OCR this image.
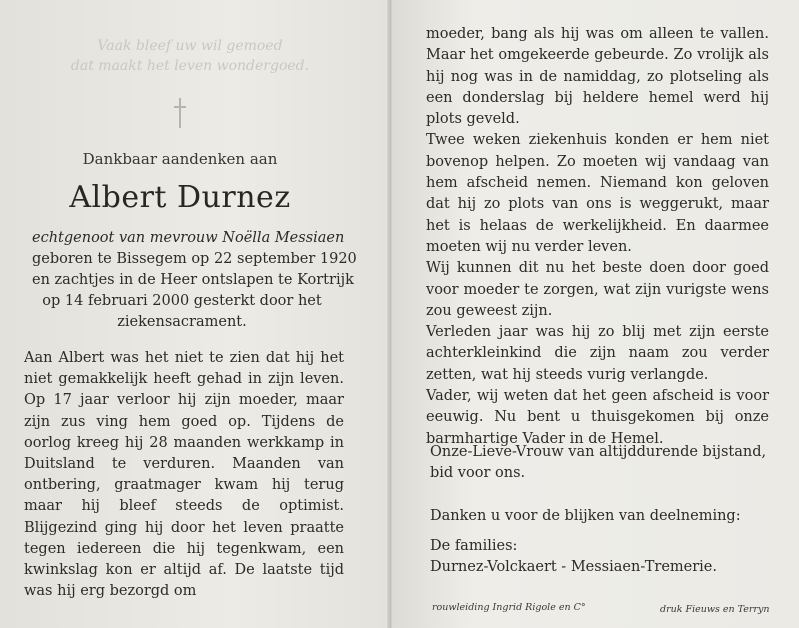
Vaak bleef uw wil gemoed
dat maakt het leven wondergoed.
Dankbaar aandenken aan
Albert Durnez
echtgenoot van mevrouw Noëlla Messiaen
geboren te Bissegem op 22 september 1920
en zachtjes in de Heer ontslapen te Kortrijk
op 14 februari 2000 gesterkt door het
ziekensacrament.
Aan Albert was het niet te zien dat hij het niet gemakkelijk heeft gehad in zijn leven. Op 17 jaar verloor hij zijn moeder, maar zijn zus ving hem goed op. Tijdens de oorlog kreeg hij 28 maanden werkkamp in Duitsland te verduren. Maanden van ontbering, graatmager kwam hij terug maar hij bleef steeds de optimist. Blijgezind ging hij door het leven praatte tegen iedereen die hij tegenkwam, een kwinkslag kon er altijd af. De laatste tijd was hij erg bezorgd om

moeder, bang als hij was om alleen te vallen. Maar het omgekeerde gebeurde. Zo vrolijk als hij nog was in de namiddag, zo plotseling als een donderslag bij heldere hemel werd hij plots geveld.

Twee weken ziekenhuis konden er hem niet bovenop helpen. Zo moeten wij vandaag van hem afscheid nemen. Niemand kon geloven dat hij zo plots van ons is weggerukt, maar het is helaas de werkelijkheid. En daarmee moeten wij nu verder leven.

Wij kunnen dit nu het beste doen door goed voor moeder te zorgen, wat zijn vurigste wens zou geweest zijn.

Verleden jaar was hij zo blij met zijn eerste achterkleinkind die zijn naam zou verder zetten, wat hij steeds vurig verlangde.

Vader, wij weten dat het geen afscheid is voor eeuwig. Nu bent u thuisgekomen bij onze barmhartige Vader in de Hemel.

Onze-Lieve-Vrouw van altijddurende bijstand,
bid voor ons.
Danken u voor de blijken van deelneming:
De families:
Durnez-Volckaert - Messiaen-Tremerie.
rouwleiding Ingrid Rigole en C°	druk Fieuws en Terryn
